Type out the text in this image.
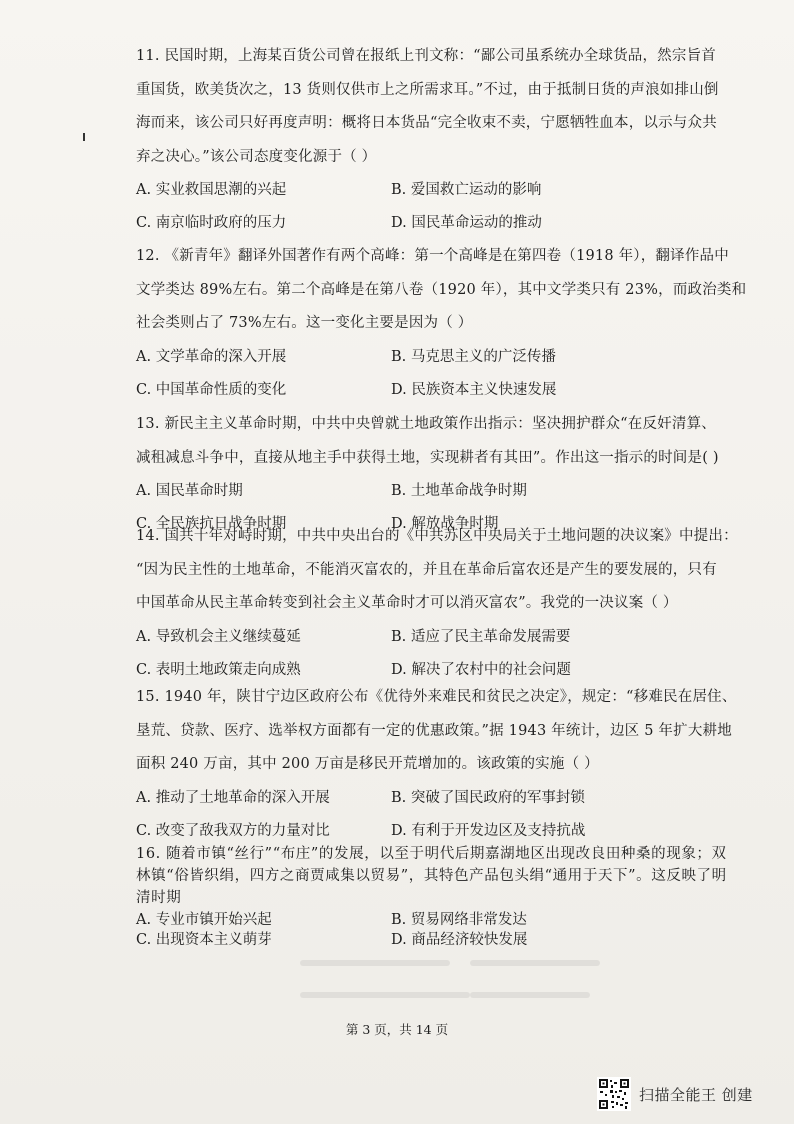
11. 民国时期，上海某百货公司曾在报纸上刊文称：“鄙公司虽系统办全球货品，然宗旨首
重国货，欧美货次之，13 货则仅供市上之所需求耳。”不过，由于抵制日货的声浪如排山倒
海而来，该公司只好再度声明：概将日本货品“完全收束不卖，宁愿牺牲血本，以示与众共
弃之决心。”该公司态度变化源于（ ）
A. 实业救国思潮的兴起	B. 爱国救亡运动的影响
C. 南京临时政府的压力	D. 国民革命运动的推动
12. 《新青年》翻译外国著作有两个高峰：第一个高峰是在第四卷（1918 年），翻译作品中
文学类达 89%左右。第二个高峰是在第八卷（1920 年），其中文学类只有 23%，而政治类和
社会类则占了 73%左右。这一变化主要是因为（ ）
A. 文学革命的深入开展	B. 马克思主义的广泛传播
C. 中国革命性质的变化	D. 民族资本主义快速发展
13. 新民主主义革命时期，中共中央曾就土地政策作出指示：坚决拥护群众“在反奸清算、
减租减息斗争中，直接从地主手中获得土地，实现耕者有其田”。作出这一指示的时间是( )
A. 国民革命时期	B. 土地革命战争时期
C. 全民族抗日战争时期	D. 解放战争时期
14. 国共十年对峙时期，中共中央出台的《中共苏区中央局关于土地问题的决议案》中提出：
“因为民主性的土地革命，不能消灭富农的，并且在革命后富农还是产生的要发展的，只有
中国革命从民主革命转变到社会主义革命时才可以消灭富农”。我党的一决议案（ ）
A. 导致机会主义继续蔓延	B. 适应了民主革命发展需要
C. 表明土地政策走向成熟	D. 解决了农村中的社会问题
15. 1940 年，陕甘宁边区政府公布《优待外来难民和贫民之决定》，规定：“移难民在居住、
垦荒、贷款、医疗、选举权方面都有一定的优惠政策。”据 1943 年统计，边区 5 年扩大耕地
面积 240 万亩，其中 200 万亩是移民开荒增加的。该政策的实施（ ）
A. 推动了土地革命的深入开展	B. 突破了国民政府的军事封锁
C. 改变了敌我双方的力量对比	D. 有利于开发边区及支持抗战
16. 随着市镇“丝行”“布庄”的发展，以至于明代后期嘉湖地区出现改良田种桑的现象；双
林镇“俗皆织绢，四方之商贾咸集以贸易”，其特色产品包头绢“通用于天下”。这反映了明
清时期
A. 专业市镇开始兴起	B. 贸易网络非常发达
C. 出现资本主义萌芽	D. 商品经济较快发展
第 3 页，共 14 页
扫描全能王 创建
